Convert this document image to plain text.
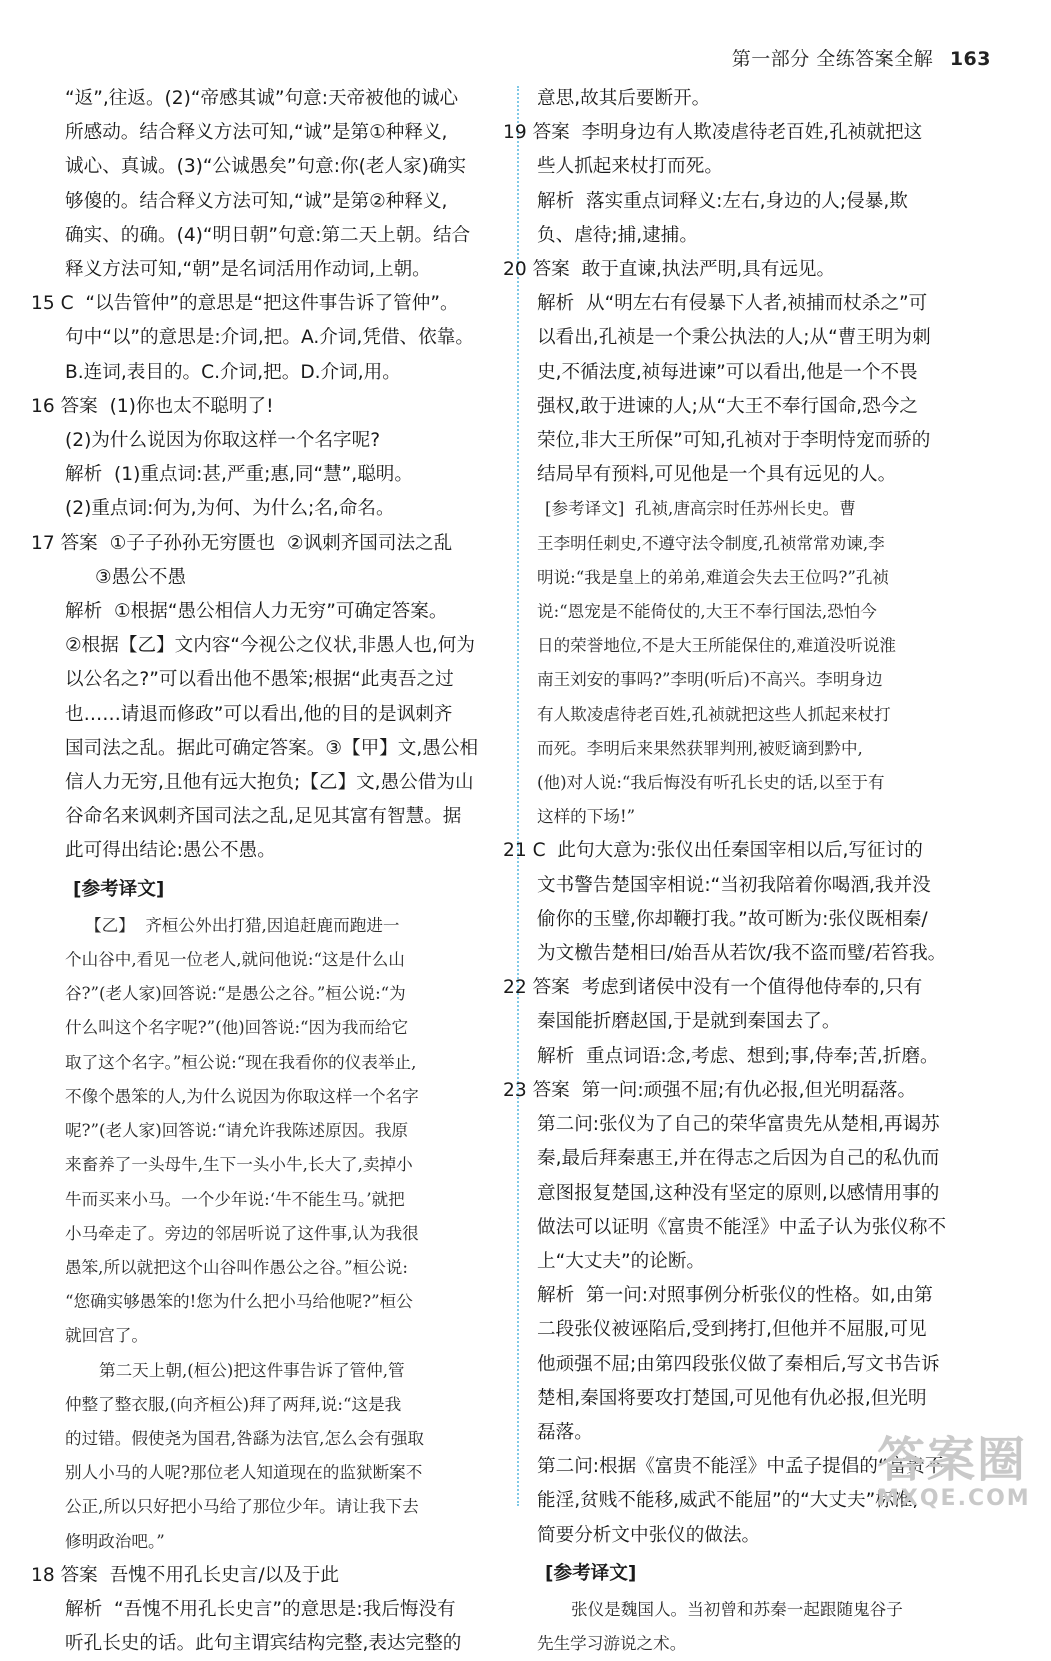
第一部分 全练答案全解 163

“返”,往返。(2)“帝感其诚”句意:天帝被他的诚心

所感动。结合释义方法可知,“诚”是第①种释义,

诚心、真诚。(3)“公诚愚矣”句意:你(老人家)确实

够傻的。结合释义方法可知,“诚”是第②种释义,

确实、的确。(4)“明日朝”句意:第二天上朝。结合

释义方法可知,“朝”是名词活用作动词,上朝。

15 C  “以告管仲”的意思是“把这件事告诉了管仲”。

句中“以”的意思是:介词,把。A.介词,凭借、依靠。

B.连词,表目的。C.介词,把。D.介词,用。

16 答案  (1)你也太不聪明了!

(2)为什么说因为你取这样一个名字呢?

解析  (1)重点词:甚,严重;惠,同“慧”,聪明。

(2)重点词:何为,为何、为什么;名,命名。

17 答案  ①子子孙孙无穷匮也  ②讽刺齐国司法之乱

③愚公不愚

解析  ①根据“愚公相信人力无穷”可确定答案。

②根据【乙】文内容“今视公之仪状,非愚人也,何为

以公名之?”可以看出他不愚笨;根据“此夷吾之过

也……请退而修政”可以看出,他的目的是讽刺齐

国司法之乱。据此可确定答案。③【甲】文,愚公相

信人力无穷,且他有远大抱负;【乙】文,愚公借为山

谷命名来讽刺齐国司法之乱,足见其富有智慧。据

此可得出结论:愚公不愚。

[参考译文]

【乙】  齐桓公外出打猎,因追赶鹿而跑进一

个山谷中,看见一位老人,就问他说:“这是什么山

谷?”(老人家)回答说:“是愚公之谷。”桓公说:“为

什么叫这个名字呢?”(他)回答说:“因为我而给它

取了这个名字。”桓公说:“现在我看你的仪表举止,

不像个愚笨的人,为什么说因为你取这样一个名字

呢?”(老人家)回答说:“请允许我陈述原因。我原

来畜养了一头母牛,生下一头小牛,长大了,卖掉小

牛而买来小马。一个少年说:‘牛不能生马。’就把

小马牵走了。旁边的邻居听说了这件事,认为我很

愚笨,所以就把这个山谷叫作愚公之谷。”桓公说:

“您确实够愚笨的!您为什么把小马给他呢?”桓公

就回宫了。

第二天上朝,(桓公)把这件事告诉了管仲,管

仲整了整衣服,(向齐桓公)拜了两拜,说:“这是我

的过错。假使尧为国君,咎繇为法官,怎么会有强取

别人小马的人呢?那位老人知道现在的监狱断案不

公正,所以只好把小马给了那位少年。请让我下去

修明政治吧。”

18 答案  吾愧不用孔长史言/以及于此

解析  “吾愧不用孔长史言”的意思是:我后悔没有

听孔长史的话。此句主谓宾结构完整,表达完整的

意思,故其后要断开。

19 答案  李明身边有人欺凌虐待老百姓,孔祯就把这

些人抓起来杖打而死。

解析  落实重点词释义:左右,身边的人;侵暴,欺

负、虐待;捕,逮捕。

20 答案  敢于直谏,执法严明,具有远见。

解析  从“明左右有侵暴下人者,祯捕而杖杀之”可

以看出,孔祯是一个秉公执法的人;从“曹王明为刺

史,不循法度,祯每进谏”可以看出,他是一个不畏

强权,敢于进谏的人;从“大王不奉行国命,恐今之

荣位,非大王所保”可知,孔祯对于李明恃宠而骄的

结局早有预料,可见他是一个具有远见的人。

[参考译文]  孔祯,唐高宗时任苏州长史。曹

王李明任刺史,不遵守法令制度,孔祯常常劝谏,李

明说:“我是皇上的弟弟,难道会失去王位吗?”孔祯

说:“恩宠是不能倚仗的,大王不奉行国法,恐怕今

日的荣誉地位,不是大王所能保住的,难道没听说淮

南王刘安的事吗?”李明(听后)不高兴。李明身边

有人欺凌虐待老百姓,孔祯就把这些人抓起来杖打

而死。李明后来果然获罪判刑,被贬谪到黔中,

(他)对人说:“我后悔没有听孔长史的话,以至于有

这样的下场!”

21 C  此句大意为:张仪出任秦国宰相以后,写征讨的

文书警告楚国宰相说:“当初我陪着你喝酒,我并没

偷你的玉璧,你却鞭打我。”故可断为:张仪既相秦/

为文檄告楚相曰/始吾从若饮/我不盗而璧/若笞我。

22 答案  考虑到诸侯中没有一个值得他侍奉的,只有

秦国能折磨赵国,于是就到秦国去了。

解析  重点词语:念,考虑、想到;事,侍奉;苦,折磨。

23 答案  第一问:顽强不屈;有仇必报,但光明磊落。

第二问:张仪为了自己的荣华富贵先从楚相,再谒苏

秦,最后拜秦惠王,并在得志之后因为自己的私仇而

意图报复楚国,这种没有坚定的原则,以感情用事的

做法可以证明《富贵不能淫》中孟子认为张仪称不

上“大丈夫”的论断。

解析  第一问:对照事例分析张仪的性格。如,由第

二段张仪被诬陷后,受到拷打,但他并不屈服,可见

他顽强不屈;由第四段张仪做了秦相后,写文书告诉

楚相,秦国将要攻打楚国,可见他有仇必报,但光明

磊落。

第二问:根据《富贵不能淫》中孟子提倡的“富贵不

能淫,贫贱不能移,威武不能屈”的“大丈夫”标准,

简要分析文中张仪的做法。

[参考译文]

张仪是魏国人。当初曾和苏秦一起跟随鬼谷子

先生学习游说之术。

答案圈
MXQE.COM
